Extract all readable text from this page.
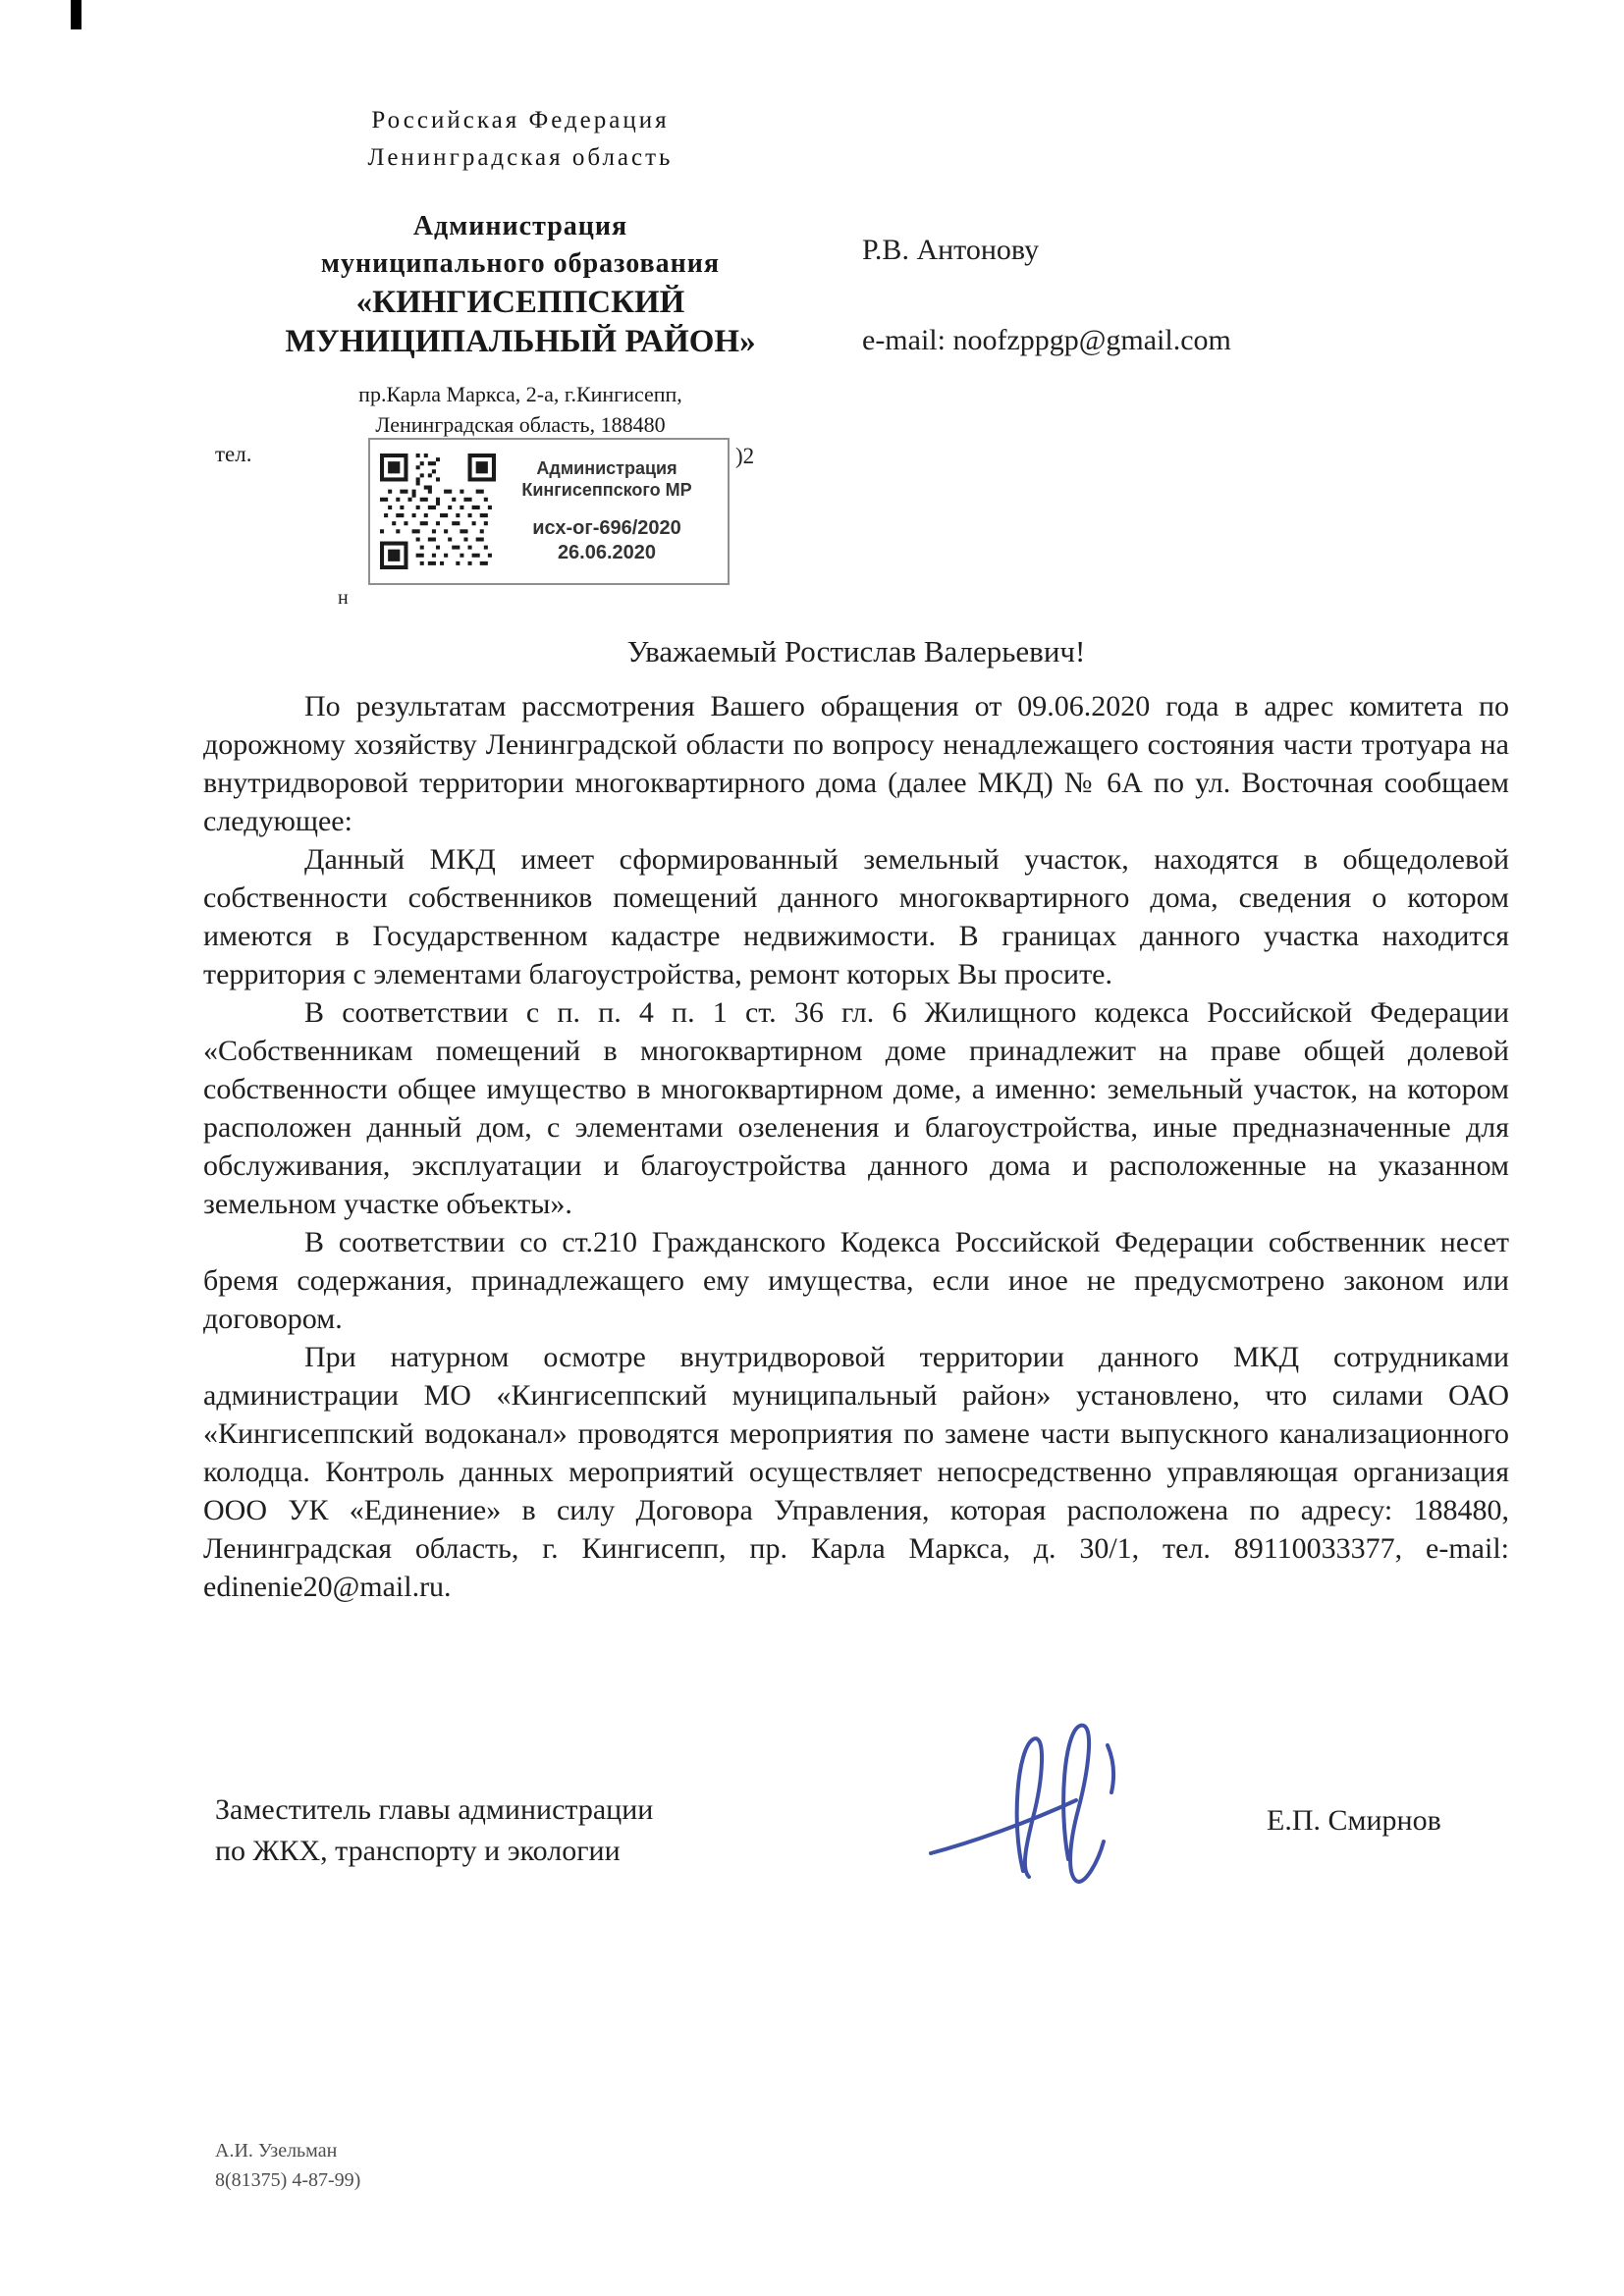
Российская Федерация
Ленинградская область
Администрация
муниципального образования
«КИНГИСЕППСКИЙ
МУНИЦИПАЛЬНЫЙ РАЙОН»
пр.Карла Маркса, 2-а, г.Кингисепп,
Ленинградская область, 188480
Р.В. Антонову
e-mail: noofzppgp@gmail.com
тел.	)2
н
Администрация
Кингисеппского МР
исх-ог-696/2020
26.06.2020
Уважаемый Ростислав Валерьевич!

По результатам рассмотрения Вашего обращения от 09.06.2020 года в адрес комитета по дорожному хозяйству Ленинградской области по вопросу ненадлежащего состояния части тротуара на внутридворовой территории многоквартирного дома (далее МКД) № 6А по ул. Восточная сообщаем следующее:

Данный МКД имеет сформированный земельный участок, находятся в общедолевой собственности собственников помещений данного многоквартирного дома, сведения о котором имеются в Государственном кадастре недвижимости. В границах данного участка находится территория с элементами благоустройства, ремонт которых Вы просите.

В соответствии с п. п. 4 п. 1 ст. 36 гл. 6 Жилищного кодекса Российской Федерации «Собственникам помещений в многоквартирном доме принадлежит на праве общей долевой собственности общее имущество в многоквартирном доме, а именно: земельный участок, на котором расположен данный дом, с элементами озеленения и благоустройства, иные предназначенные для обслуживания, эксплуатации и благоустройства данного дома и расположенные на указанном земельном участке объекты».

В соответствии со ст.210 Гражданского Кодекса Российской Федерации собственник несет бремя содержания, принадлежащего ему имущества, если иное не предусмотрено законом или договором.

При натурном осмотре внутридворовой территории данного МКД сотрудниками администрации МО «Кингисеппский муниципальный район» установлено, что силами ОАО «Кингисеппский водоканал» проводятся мероприятия по замене части выпускного канализационного колодца. Контроль данных мероприятий осуществляет непосредственно управляющая организация ООО УК «Единение» в силу Договора Управления, которая расположена по адресу: 188480, Ленинградская область, г. Кингисепп, пр. Карла Маркса, д. 30/1, тел. 89110033377, e-mail: edinenie20@mail.ru.

Заместитель главы администрации
по ЖКХ, транспорту и экологии
Е.П. Смирнов
А.И. Узельман
8(81375) 4-87-99)
